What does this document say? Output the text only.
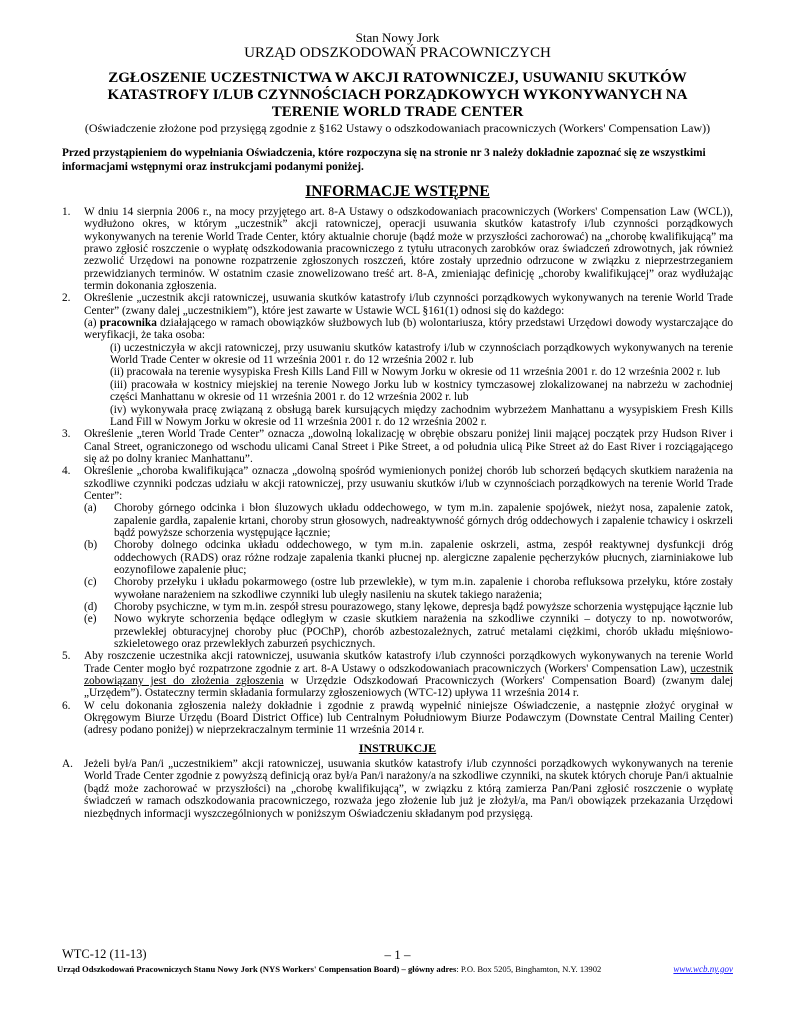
Stan Nowy Jork
URZĄD ODSZKODOWAŃ PRACOWNICZYCH
ZGŁOSZENIE UCZESTNICTWA W AKCJI RATOWNICZEJ, USUWANIU SKUTKÓW
KATASTROFY I/LUB CZYNNOŚCIACH PORZĄDKOWYCH WYKONYWANYCH NA
TERENIE WORLD TRADE CENTER
(Oświadczenie złożone pod przysięgą zgodnie z §162 Ustawy o odszkodowaniach pracowniczych (Workers' Compensation Law))
Przed przystąpieniem do wypełniania Oświadczenia, które rozpoczyna się na stronie nr 3 należy dokładnie zapoznać się ze wszystkimi informacjami wstępnymi oraz instrukcjami podanymi poniżej.
INFORMACJE WSTĘPNE
1. W dniu 14 sierpnia 2006 r., na mocy przyjętego art. 8-A Ustawy o odszkodowaniach pracowniczych (Workers' Compensation Law (WCL)), wydłużono okres, w którym „uczestnik” akcji ratowniczej, operacji usuwania skutków katastrofy i/lub czynności porządkowych wykonywanych na terenie World Trade Center, który aktualnie choruje (bądź może w przyszłości zachorować) na „chorobę kwalifikującą” ma prawo zgłosić roszczenie o wypłatę odszkodowania pracowniczego z tytułu utraconych zarobków oraz świadczeń zdrowotnych, jak również zezwolić Urzędowi na ponowne rozpatrzenie zgłoszonych roszczeń, które zostały uprzednio odrzucone w związku z nieprzestrzeganiem przewidzianych terminów. W ostatnim czasie znowelizowano treść art. 8-A, zmieniając definicję „choroby kwalifikującej” oraz wydłużając termin dokonania zgłoszenia.
2. Określenie „uczestnik akcji ratowniczej, usuwania skutków katastrofy i/lub czynności porządkowych wykonywanych na terenie World Trade Center” (zwany dalej „uczestnikiem”), które jest zawarte w Ustawie WCL §161(1) odnosi się do każdego:
(a) pracownika działającego w ramach obowiązków służbowych lub (b) wolontariusza, który przedstawi Urzędowi dowody wystarczające do weryfikacji, że taka osoba:
(i) uczestniczyła w akcji ratowniczej, przy usuwaniu skutków katastrofy i/lub w czynnościach porządkowych wykonywanych na terenie World Trade Center w okresie od 11 września 2001 r. do 12 września 2002 r. lub
(ii) pracowała na terenie wysypiska Fresh Kills Land Fill w Nowym Jorku w okresie od 11 września 2001 r. do 12 września 2002 r. lub
(iii) pracowała w kostnicy miejskiej na terenie Nowego Jorku lub w kostnicy tymczasowej zlokalizowanej na nabrzeżu w zachodniej części Manhattanu w okresie od 11 września 2001 r. do 12 września 2002 r. lub
(iv) wykonywała pracę związaną z obsługą barek kursujących między zachodnim wybrzeżem Manhattanu a wysypiskiem Fresh Kills Land Fill w Nowym Jorku w okresie od 11 września 2001 r. do 12 września 2002 r.
3. Określenie „teren World Trade Center” oznacza „dowolną lokalizację w obrębie obszaru poniżej linii mającej początek przy Hudson River i Canal Street, ograniczonego od wschodu ulicami Canal Street i Pike Street, a od południa ulicą Pike Street aż do East River i rozciągającego się aż po dolny kraniec Manhattanu”.
4. Określenie „choroba kwalifikująca” oznacza „dowolną spośród wymienionych poniżej chorób lub schorzeń będących skutkiem narażenia na szkodliwe czynniki podczas udziału w akcji ratowniczej, przy usuwaniu skutków i/lub w czynnościach porządkowych na terenie World Trade Center”:
(a) Choroby górnego odcinka i błon śluzowych układu oddechowego, w tym m.in. zapalenie spojówek, nieżyt nosa, zapalenie zatok, zapalenie gardła, zapalenie krtani, choroby strun głosowych, nadreaktywność górnych dróg oddechowych i zapalenie tchawicy i oskrzeli bądź powyższe schorzenia występujące łącznie;
(b) Choroby dolnego odcinka układu oddechowego, w tym m.in. zapalenie oskrzeli, astma, zespół reaktywnej dysfunkcji dróg oddechowych (RADS) oraz różne rodzaje zapalenia tkanki płucnej np. alergiczne zapalenie pęcherzyków płucnych, ziarniniakowe lub eozynofilowe zapalenie płuc;
(c) Choroby przełyku i układu pokarmowego (ostre lub przewlekłe), w tym m.in. zapalenie i choroba refluksowa przełyku, które zostały wywołane narażeniem na szkodliwe czynniki lub uległy nasileniu na skutek takiego narażenia;
(d) Choroby psychiczne, w tym m.in. zespół stresu pourazowego, stany lękowe, depresja bądź powyższe schorzenia występujące łącznie lub
(e) Nowo wykryte schorzenia będące odległym w czasie skutkiem narażenia na szkodliwe czynniki – dotyczy to np. nowotworów, przewlekłej obturacyjnej choroby płuc (POChP), chorób azbestozależnych, zatruć metalami ciężkimi, chorób układu mięśniowo-szkieletowego oraz przewlekłych zaburzeń psychicznych.
5. Aby roszczenie uczestnika akcji ratowniczej, usuwania skutków katastrofy i/lub czynności porządkowych wykonywanych na terenie World Trade Center mogło być rozpatrzone zgodnie z art. 8-A Ustawy o odszkodowaniach pracowniczych (Workers' Compensation Law), uczestnik zobowiązany jest do złożenia zgłoszenia w Urzędzie Odszkodowań Pracowniczych (Workers' Compensation Board) (zwanym dalej „Urzędem”). Ostateczny termin składania formularzy zgłoszeniowych (WTC-12) upływa 11 września 2014 r.
6. W celu dokonania zgłoszenia należy dokładnie i zgodnie z prawdą wypełnić niniejsze Oświadczenie, a następnie złożyć oryginał w Okręgowym Biurze Urzędu (Board District Office) lub Centralnym Południowym Biurze Podawczym (Downstate Central Mailing Center) (adresy podano poniżej) w nieprzekraczalnym terminie 11 września 2014 r.
INSTRUKCJE
A. Jeżeli był/a Pan/i „uczestnikiem” akcji ratowniczej, usuwania skutków katastrofy i/lub czynności porządkowych wykonywanych na terenie World Trade Center zgodnie z powyższą definicją oraz był/a Pan/i narażony/a na szkodliwe czynniki, na skutek których choruje Pan/i aktualnie (bądź może zachorować w przyszłości) na „chorobę kwalifikującą”, w związku z którą zamierza Pan/Pani zgłosić roszczenie o wypłatę świadczeń w ramach odszkodowania pracowniczego, rozważa jego złożenie lub już je złożył/a, ma Pan/i obowiązek przekazania Urzędowi niezbędnych informacji wyszczególnionych w poniższym Oświadczeniu składanym pod przysięgą.
WTC-12 (11-13)	– 1 –
Urząd Odszkodowań Pracowniczych Stanu Nowy Jork (NYS Workers' Compensation Board) – główny adres: P.O. Box 5205, Binghamton, N.Y. 13902	www.wcb.ny.gov
